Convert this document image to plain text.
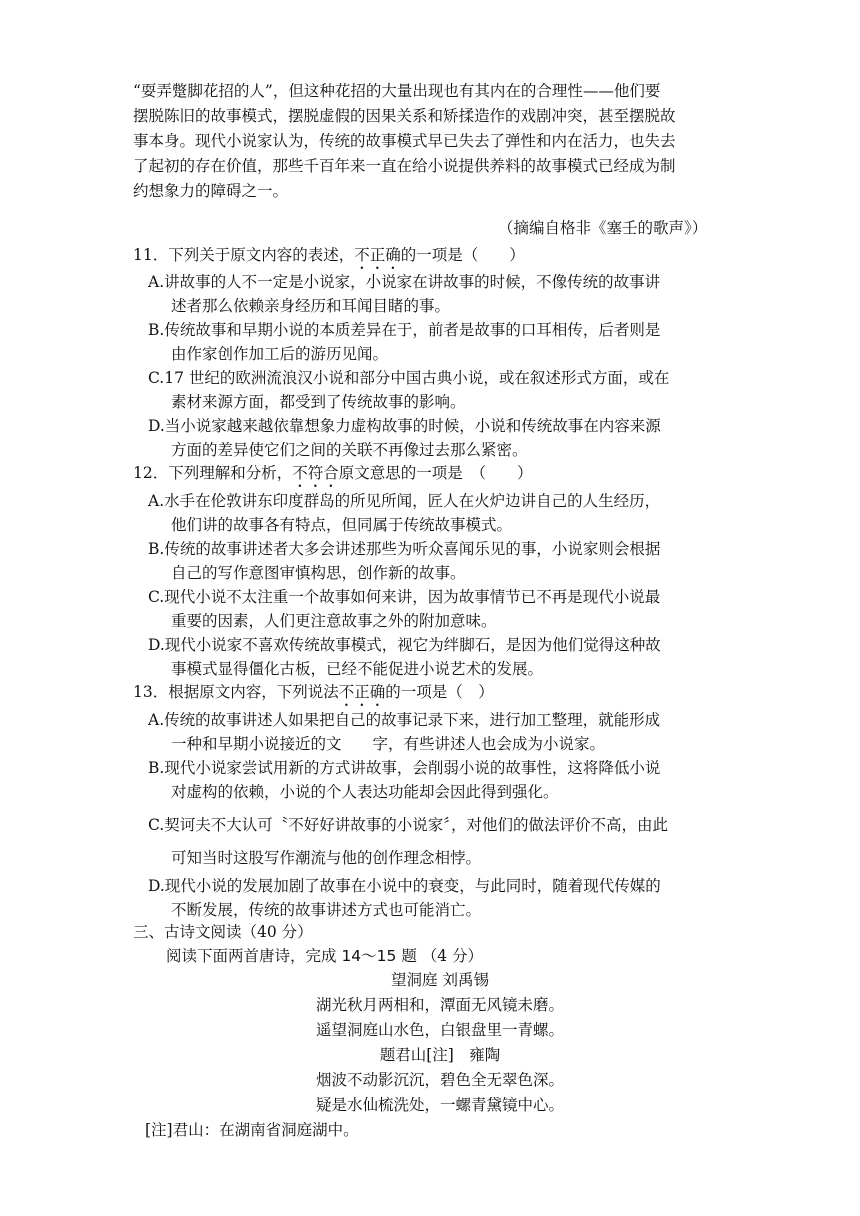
“耍弄蹩脚花招的人”，但这种花招的大量出现也有其内在的合理性——他们要
摆脱陈旧的故事模式，摆脱虚假的因果关系和矫揉造作的戏剧冲突，甚至摆脱故
事本身。现代小说家认为，传统的故事模式早已失去了弹性和内在活力，也失去
了起初的存在价值，那些千百年来一直在给小说提供养料的故事模式已经成为制
约想象力的障碍之一。
（摘编自格非《塞壬的歌声》）
11．下列关于原文内容的表述，不正确的一项是（　　）
A.讲故事的人不一定是小说家，小说家在讲故事的时候，不像传统的故事讲
述者那么依赖亲身经历和耳闻目睹的事。
B.传统故事和早期小说的本质差异在于，前者是故事的口耳相传，后者则是
由作家创作加工后的游历见闻。
C.17 世纪的欧洲流浪汉小说和部分中国古典小说，或在叙述形式方面，或在
素材来源方面，都受到了传统故事的影响。
D.当小说家越来越依靠想象力虚构故事的时候，小说和传统故事在内容来源
方面的差异使它们之间的关联不再像过去那么紧密。
12．下列理解和分析，不符合原文意思的一项是　（　　）
A.水手在伦敦讲东印度群岛的所见所闻，匠人在火炉边讲自己的人生经历，
他们讲的故事各有特点，但同属于传统故事模式。
B.传统的故事讲述者大多会讲述那些为听众喜闻乐见的事，小说家则会根据
自己的写作意图审慎构思，创作新的故事。
C.现代小说不太注重一个故事如何来讲，因为故事情节已不再是现代小说最
重要的因素，人们更注意故事之外的附加意味。
D.现代小说家不喜欢传统故事模式，视它为绊脚石，是因为他们觉得这种故
事模式显得僵化古板，已经不能促进小说艺术的发展。
13．根据原文内容，下列说法不正确的一项是（　）
A.传统的故事讲述人如果把自己的故事记录下来，进行加工整理，就能形成
一种和早期小说接近的文　　字，有些讲述人也会成为小说家。
B.现代小说家尝试用新的方式讲故事，会削弱小说的故事性，这将降低小说
对虚构的依赖，小说的个人表达功能却会因此得到强化。
C.契诃夫不大认可〝不好好讲故事的小说家〞，对他们的做法评价不高，由此
可知当时这股写作潮流与他的创作理念相悖。
D.现代小说的发展加剧了故事在小说中的衰变，与此同时，随着现代传媒的
不断发展，传统的故事讲述方式也可能消亡。
三、古诗文阅读（40 分）
阅读下面两首唐诗，完成 14～15 题 （4 分）
望洞庭 刘禹锡
湖光秋月两相和，潭面无风镜未磨。
遥望洞庭山水色，白银盘里一青螺。
题君山[注]　雍陶
烟波不动影沉沉，碧色全无翠色深。
疑是水仙梳洗处，一螺青黛镜中心。
[注]君山：在湖南省洞庭湖中。
